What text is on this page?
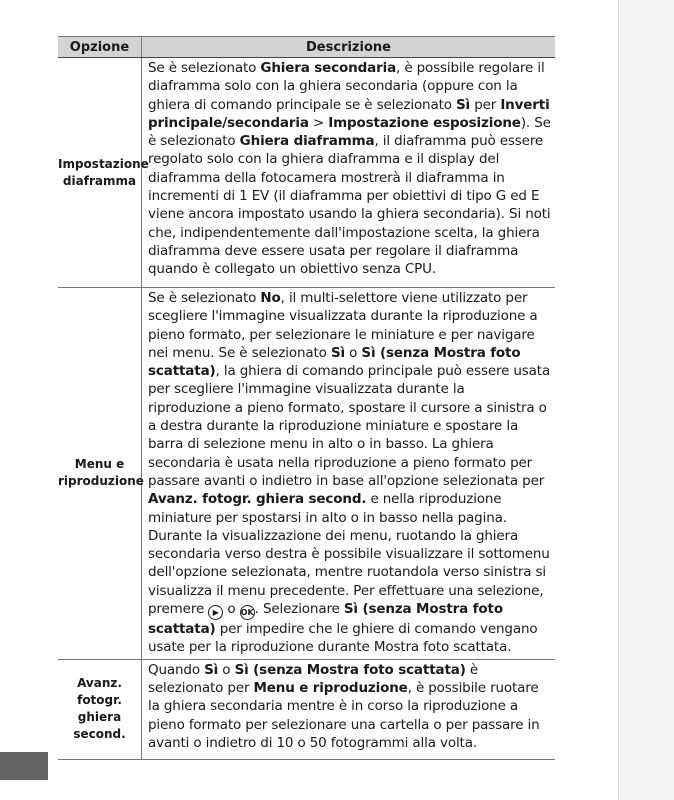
Opzione	Descrizione
Impostazione diaframma	Se è selezionato Ghiera secondaria, è possibile regolare il diaframma solo con la ghiera secondaria (oppure con la ghiera di comando principale se è selezionato Sì per Inverti principale/secondaria > Impostazione esposizione). Se è selezionato Ghiera diaframma, il diaframma può essere regolato solo con la ghiera diaframma e il display del diaframma della fotocamera mostrerà il diaframma in incrementi di 1 EV (il diaframma per obiettivi di tipo G ed E viene ancora impostato usando la ghiera secondaria). Si noti che, indipendentemente dall'impostazione scelta, la ghiera diaframma deve essere usata per regolare il diaframma quando è collegato un obiettivo senza CPU.
Menu e riproduzione	Se è selezionato No, il multi-selettore viene utilizzato per scegliere l'immagine visualizzata durante la riproduzione a pieno formato, per selezionare le miniature e per navigare nei menu. Se è selezionato Sì o Sì (senza Mostra foto scattata), la ghiera di comando principale può essere usata per scegliere l'immagine visualizzata durante la riproduzione a pieno formato, spostare il cursore a sinistra o a destra durante la riproduzione miniature e spostare la barra di selezione menu in alto o in basso. La ghiera secondaria è usata nella riproduzione a pieno formato per passare avanti o indietro in base all'opzione selezionata per Avanz. fotogr. ghiera second. e nella riproduzione miniature per spostarsi in alto o in basso nella pagina. Durante la visualizzazione dei menu, ruotando la ghiera secondaria verso destra è possibile visualizzare il sottomenu dell'opzione selezionata, mentre ruotandola verso sinistra si visualizza il menu precedente. Per effettuare una selezione, premere ▶ o OK. Selezionare Sì (senza Mostra foto scattata) per impedire che le ghiere di comando vengano usate per la riproduzione durante Mostra foto scattata.
Avanz. fotogr. ghiera second.	Quando Sì o Sì (senza Mostra foto scattata) è selezionato per Menu e riproduzione, è possibile ruotare la ghiera secondaria mentre è in corso la riproduzione a pieno formato per selezionare una cartella o per passare in avanti o indietro di 10 o 50 fotogrammi alla volta.
